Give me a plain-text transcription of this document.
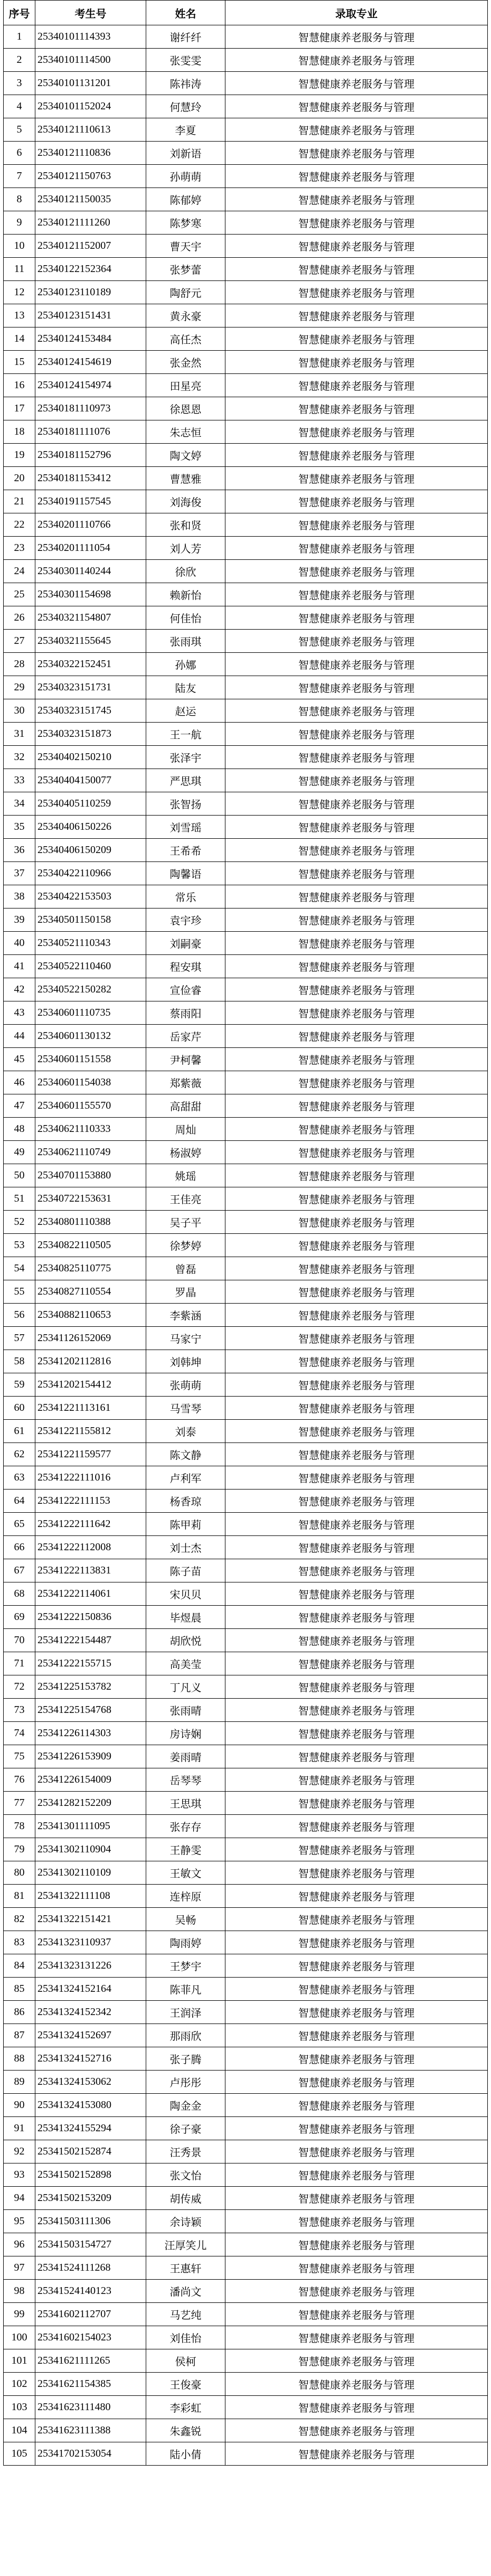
序号	考生号	姓名	录取专业
1	25340101114393	谢纤纤	智慧健康养老服务与管理
2	25340101114500	张雯雯	智慧健康养老服务与管理
3	25340101131201	陈祎涛	智慧健康养老服务与管理
4	25340101152024	何慧玲	智慧健康养老服务与管理
5	25340121110613	李夏	智慧健康养老服务与管理
6	25340121110836	刘新语	智慧健康养老服务与管理
7	25340121150763	孙萌萌	智慧健康养老服务与管理
8	25340121150035	陈郁婷	智慧健康养老服务与管理
9	25340121111260	陈梦寒	智慧健康养老服务与管理
10	25340121152007	曹天宇	智慧健康养老服务与管理
11	25340122152364	张梦蕾	智慧健康养老服务与管理
12	25340123110189	陶舒元	智慧健康养老服务与管理
13	25340123151431	黄永豪	智慧健康养老服务与管理
14	25340124153484	高任杰	智慧健康养老服务与管理
15	25340124154619	张金然	智慧健康养老服务与管理
16	25340124154974	田星亮	智慧健康养老服务与管理
17	25340181110973	徐恩恩	智慧健康养老服务与管理
18	25340181111076	朱志恒	智慧健康养老服务与管理
19	25340181152796	陶文婷	智慧健康养老服务与管理
20	25340181153412	曹慧雅	智慧健康养老服务与管理
21	25340191157545	刘海俊	智慧健康养老服务与管理
22	25340201110766	张和贤	智慧健康养老服务与管理
23	25340201111054	刘人芳	智慧健康养老服务与管理
24	25340301140244	徐欣	智慧健康养老服务与管理
25	25340301154698	赖新怡	智慧健康养老服务与管理
26	25340321154807	何佳怡	智慧健康养老服务与管理
27	25340321155645	张雨琪	智慧健康养老服务与管理
28	25340322152451	孙娜	智慧健康养老服务与管理
29	25340323151731	陆友	智慧健康养老服务与管理
30	25340323151745	赵运	智慧健康养老服务与管理
31	25340323151873	王一航	智慧健康养老服务与管理
32	25340402150210	张泽宇	智慧健康养老服务与管理
33	25340404150077	严思琪	智慧健康养老服务与管理
34	25340405110259	张智扬	智慧健康养老服务与管理
35	25340406150226	刘雪瑶	智慧健康养老服务与管理
36	25340406150209	王希希	智慧健康养老服务与管理
37	25340422110966	陶馨语	智慧健康养老服务与管理
38	25340422153503	常乐	智慧健康养老服务与管理
39	25340501150158	袁宇珍	智慧健康养老服务与管理
40	25340521110343	刘嗣豪	智慧健康养老服务与管理
41	25340522110460	程安琪	智慧健康养老服务与管理
42	25340522150282	宣俭睿	智慧健康养老服务与管理
43	25340601110735	蔡雨阳	智慧健康养老服务与管理
44	25340601130132	岳家芹	智慧健康养老服务与管理
45	25340601151558	尹柯馨	智慧健康养老服务与管理
46	25340601154038	郑紫薇	智慧健康养老服务与管理
47	25340601155570	高甜甜	智慧健康养老服务与管理
48	25340621110333	周灿	智慧健康养老服务与管理
49	25340621110749	杨淑婷	智慧健康养老服务与管理
50	25340701153880	姚瑶	智慧健康养老服务与管理
51	25340722153631	王佳亮	智慧健康养老服务与管理
52	25340801110388	吴子平	智慧健康养老服务与管理
53	25340822110505	徐梦婷	智慧健康养老服务与管理
54	25340825110775	曾磊	智慧健康养老服务与管理
55	25340827110554	罗晶	智慧健康养老服务与管理
56	25340882110653	李紫涵	智慧健康养老服务与管理
57	25341126152069	马家宁	智慧健康养老服务与管理
58	25341202112816	刘韩坤	智慧健康养老服务与管理
59	25341202154412	张萌萌	智慧健康养老服务与管理
60	25341221113161	马雪琴	智慧健康养老服务与管理
61	25341221155812	刘泰	智慧健康养老服务与管理
62	25341221159577	陈文静	智慧健康养老服务与管理
63	25341222111016	卢利军	智慧健康养老服务与管理
64	25341222111153	杨香琼	智慧健康养老服务与管理
65	25341222111642	陈甲莉	智慧健康养老服务与管理
66	25341222112008	刘士杰	智慧健康养老服务与管理
67	25341222113831	陈子苗	智慧健康养老服务与管理
68	25341222114061	宋贝贝	智慧健康养老服务与管理
69	25341222150836	毕煜晨	智慧健康养老服务与管理
70	25341222154487	胡欣悦	智慧健康养老服务与管理
71	25341222155715	高美莹	智慧健康养老服务与管理
72	25341225153782	丁凡义	智慧健康养老服务与管理
73	25341225154768	张雨晴	智慧健康养老服务与管理
74	25341226114303	房诗娴	智慧健康养老服务与管理
75	25341226153909	姜雨晴	智慧健康养老服务与管理
76	25341226154009	岳琴琴	智慧健康养老服务与管理
77	25341282152209	王思琪	智慧健康养老服务与管理
78	25341301111095	张存存	智慧健康养老服务与管理
79	25341302110904	王静雯	智慧健康养老服务与管理
80	25341302110109	王敏文	智慧健康养老服务与管理
81	25341322111108	连梓原	智慧健康养老服务与管理
82	25341322151421	吴畅	智慧健康养老服务与管理
83	25341323110937	陶雨婷	智慧健康养老服务与管理
84	25341323131226	王梦宇	智慧健康养老服务与管理
85	25341324152164	陈菲凡	智慧健康养老服务与管理
86	25341324152342	王润泽	智慧健康养老服务与管理
87	25341324152697	那雨欣	智慧健康养老服务与管理
88	25341324152716	张子腾	智慧健康养老服务与管理
89	25341324153062	卢彤彤	智慧健康养老服务与管理
90	25341324153080	陶金金	智慧健康养老服务与管理
91	25341324155294	徐子豪	智慧健康养老服务与管理
92	25341502152874	汪秀景	智慧健康养老服务与管理
93	25341502152898	张文怡	智慧健康养老服务与管理
94	25341502153209	胡传威	智慧健康养老服务与管理
95	25341503111306	余诗颖	智慧健康养老服务与管理
96	25341503154727	汪厚笑儿	智慧健康养老服务与管理
97	25341524111268	王惠轩	智慧健康养老服务与管理
98	25341524140123	潘尚文	智慧健康养老服务与管理
99	25341602112707	马艺纯	智慧健康养老服务与管理
100	25341602154023	刘佳怡	智慧健康养老服务与管理
101	25341621111265	侯柯	智慧健康养老服务与管理
102	25341621154385	王俊豪	智慧健康养老服务与管理
103	25341623111480	李彩虹	智慧健康养老服务与管理
104	25341623111388	朱鑫锐	智慧健康养老服务与管理
105	25341702153054	陆小倩	智慧健康养老服务与管理
